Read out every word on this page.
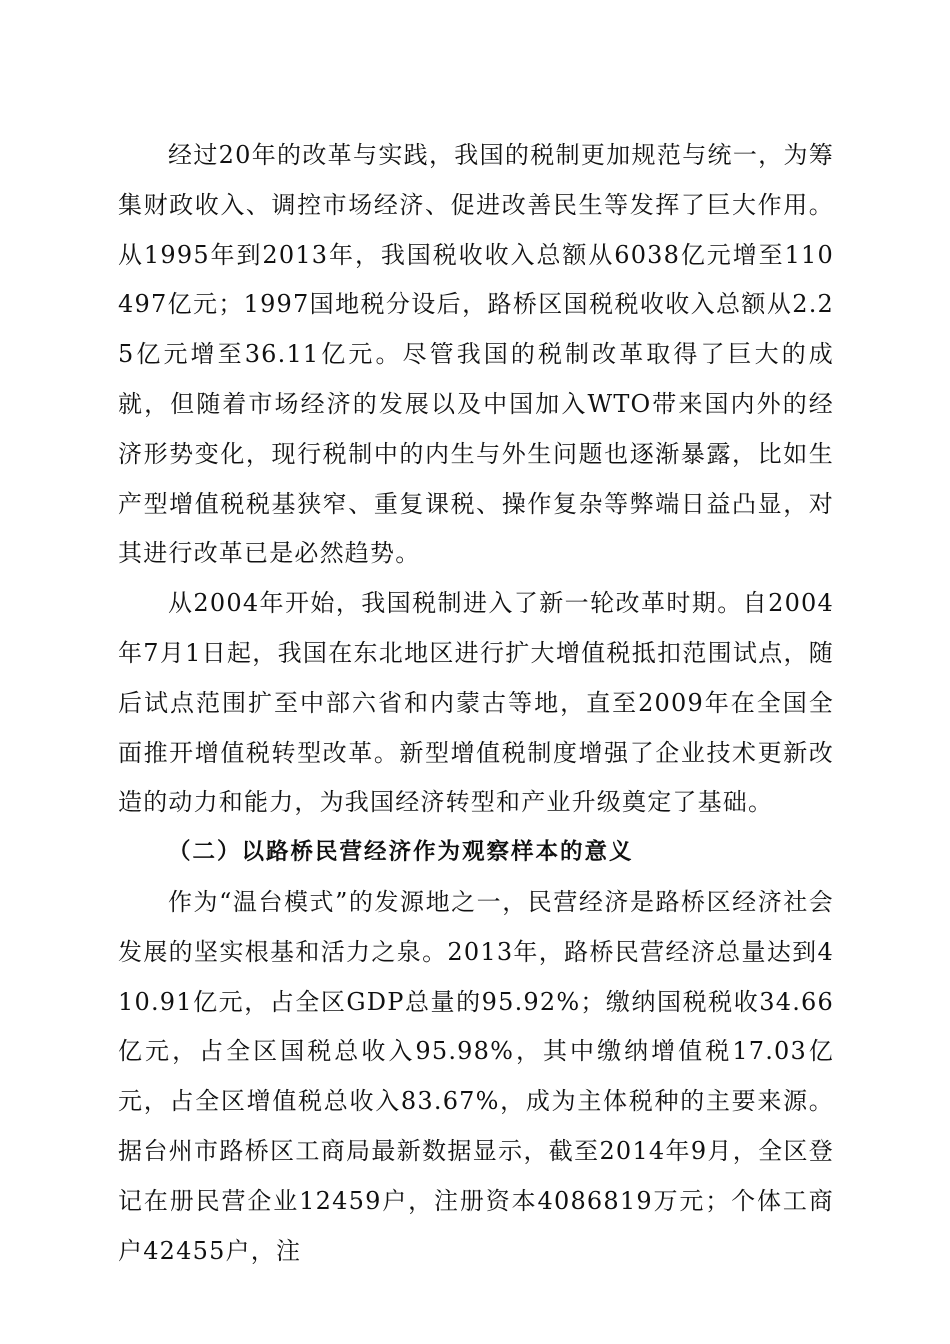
经过20年的改革与实践，我国的税制更加规范与统一，为筹集财政收入、调控市场经济、促进改善民生等发挥了巨大作用。从1995年到2013年，我国税收收入总额从6038亿元增至110497亿元；1997国地税分设后，路桥区国税税收收入总额从2.25亿元增至36.11亿元。尽管我国的税制改革取得了巨大的成就，但随着市场经济的发展以及中国加入WTO带来国内外的经济形势变化，现行税制中的内生与外生问题也逐渐暴露，比如生产型增值税税基狭窄、重复课税、操作复杂等弊端日益凸显，对其进行改革已是必然趋势。

从2004年开始，我国税制进入了新一轮改革时期。自2004年7月1日起，我国在东北地区进行扩大增值税抵扣范围试点，随后试点范围扩至中部六省和内蒙古等地，直至2009年在全国全面推开增值税转型改革。新型增值税制度增强了企业技术更新改造的动力和能力，为我国经济转型和产业升级奠定了基础。

（二）以路桥民营经济作为观察样本的意义

作为“温台模式”的发源地之一，民营经济是路桥区经济社会发展的坚实根基和活力之泉。2013年，路桥民营经济总量达到410.91亿元，占全区GDP总量的95.92%；缴纳国税税收34.66亿元，占全区国税总收入95.98%，其中缴纳增值税17.03亿元，占全区增值税总收入83.67%，成为主体税种的主要来源。据台州市路桥区工商局最新数据显示，截至2014年9月，全区登记在册民营企业12459户，注册资本4086819万元；个体工商户42455户，注
